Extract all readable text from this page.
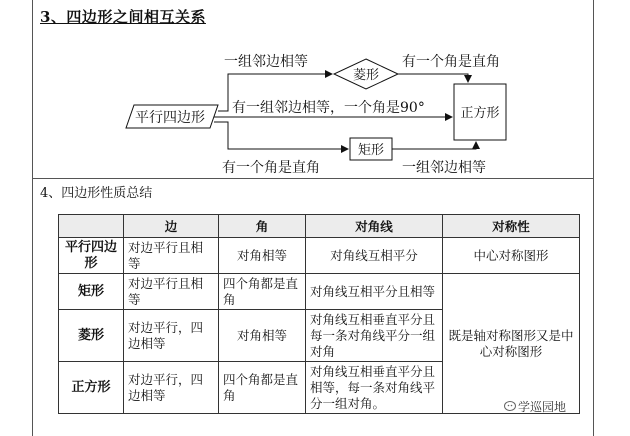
3、四边形之间相互关系
平行四边形
菱形
矩形
正方形
一组邻边相等	有一个角是直角
有一组邻边相等，一个角是90°
有一个角是直角	一组邻边相等
4、四边形性质总结
	边	角	对角线	对称性
平行四边形	对边平行且相等	对角相等	对角线互相平分	中心对称图形
矩形	对边平行且相等	四个角都是直角	对角线互相平分且相等	既是轴对称图形又是中心对称图形
菱形	对边平行，四边相等	对角相等	对角线互相垂直平分且每一条对角线平分一组对角	
正方形	对边平行，四边相等	四个角都是直角	对角线互相垂直平分且相等，每一条对角线平分一组对角。		学巡园地
